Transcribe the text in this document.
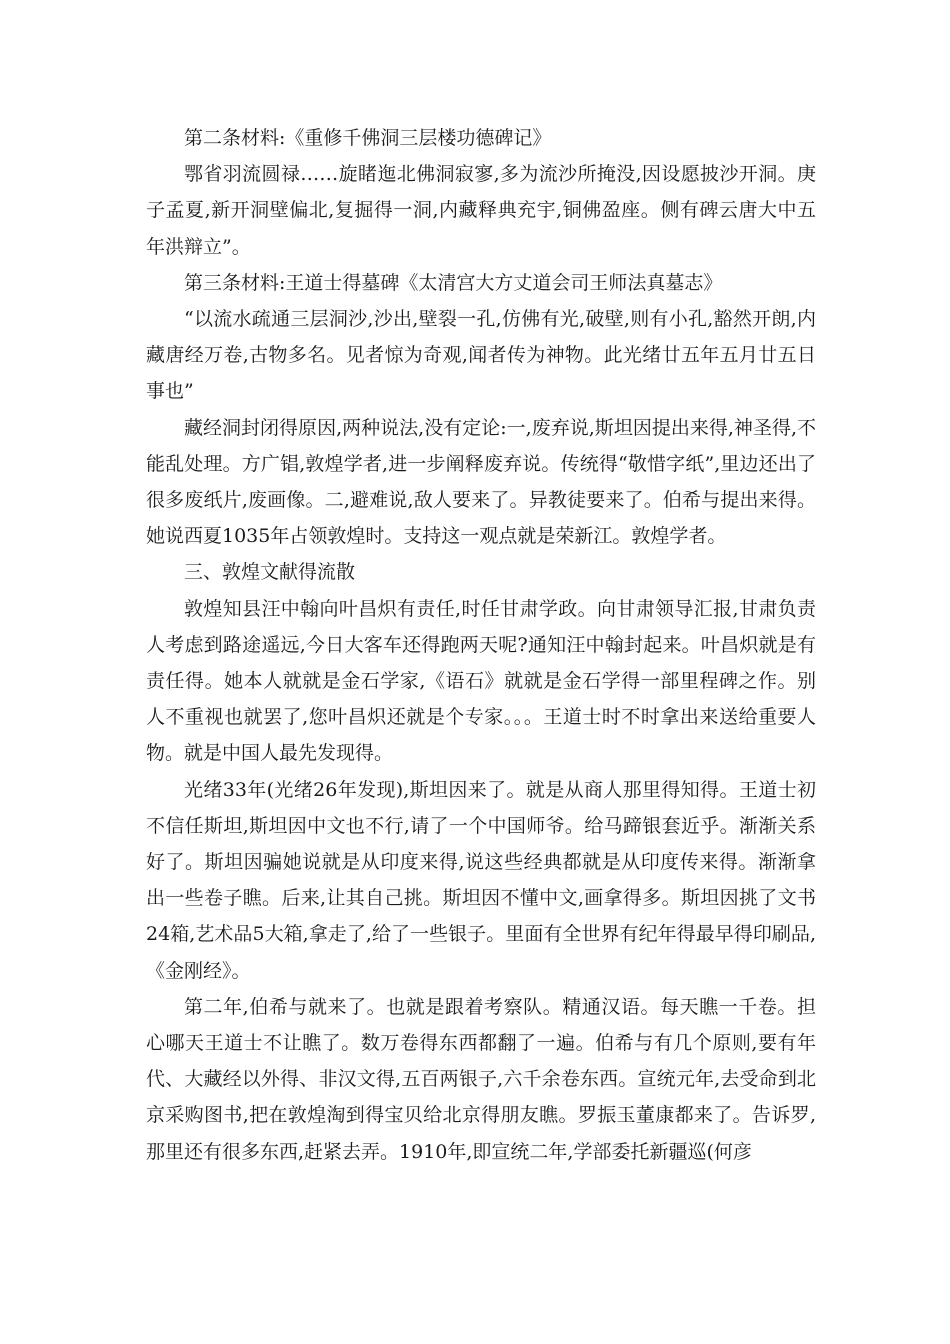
第二条材料:《重修千佛洞三层楼功德碑记》

鄂省羽流圆禄……旋睹迤北佛洞寂寥,多为流沙所掩没,因设愿披沙开洞。庚子孟夏,新开洞壁偏北,复掘得一洞,内藏释典充宇,铜佛盈座。侧有碑云唐大中五年洪辩立”。

第三条材料:王道士得墓碑《太清宫大方丈道会司王师法真墓志》

“以流水疏通三层洞沙,沙出,壁裂一孔,仿佛有光,破壁,则有小孔,豁然开朗,内藏唐经万卷,古物多名。见者惊为奇观,闻者传为神物。此光绪廿五年五月廿五日事也”

藏经洞封闭得原因,两种说法,没有定论:一,废弃说,斯坦因提出来得,神圣得,不能乱处理。方广锠,敦煌学者,进一步阐释废弃说。传统得“敬惜字纸”,里边还出了很多废纸片,废画像。二,避难说,敌人要来了。异教徒要来了。伯希与提出来得。她说西夏1035年占领敦煌时。支持这一观点就是荣新江。敦煌学者。

三、敦煌文献得流散

敦煌知县汪中翰向叶昌炽有责任,时任甘肃学政。向甘肃领导汇报,甘肃负责人考虑到路途遥远,今日大客车还得跑两天呢?通知汪中翰封起来。叶昌炽就是有责任得。她本人就就是金石学家,《语石》就就是金石学得一部里程碑之作。别人不重视也就罢了,您叶昌炽还就是个专家。。。王道士时不时拿出来送给重要人物。就是中国人最先发现得。

光绪33年(光绪26年发现),斯坦因来了。就是从商人那里得知得。王道士初不信任斯坦,斯坦因中文也不行,请了一个中国师爷。给马蹄银套近乎。渐渐关系好了。斯坦因骗她说就是从印度来得,说这些经典都就是从印度传来得。渐渐拿出一些卷子瞧。后来,让其自己挑。斯坦因不懂中文,画拿得多。斯坦因挑了文书24箱,艺术品5大箱,拿走了,给了一些银子。里面有全世界有纪年得最早得印刷品,《金刚经》。

第二年,伯希与就来了。也就是跟着考察队。精通汉语。每天瞧一千卷。担心哪天王道士不让瞧了。数万卷得东西都翻了一遍。伯希与有几个原则,要有年代、大藏经以外得、非汉文得,五百两银子,六千余卷东西。宣统元年,去受命到北京采购图书,把在敦煌淘到得宝贝给北京得朋友瞧。罗振玉董康都来了。告诉罗,那里还有很多东西,赶紧去弄。1910年,即宣统二年,学部委托新疆巡(何彦
